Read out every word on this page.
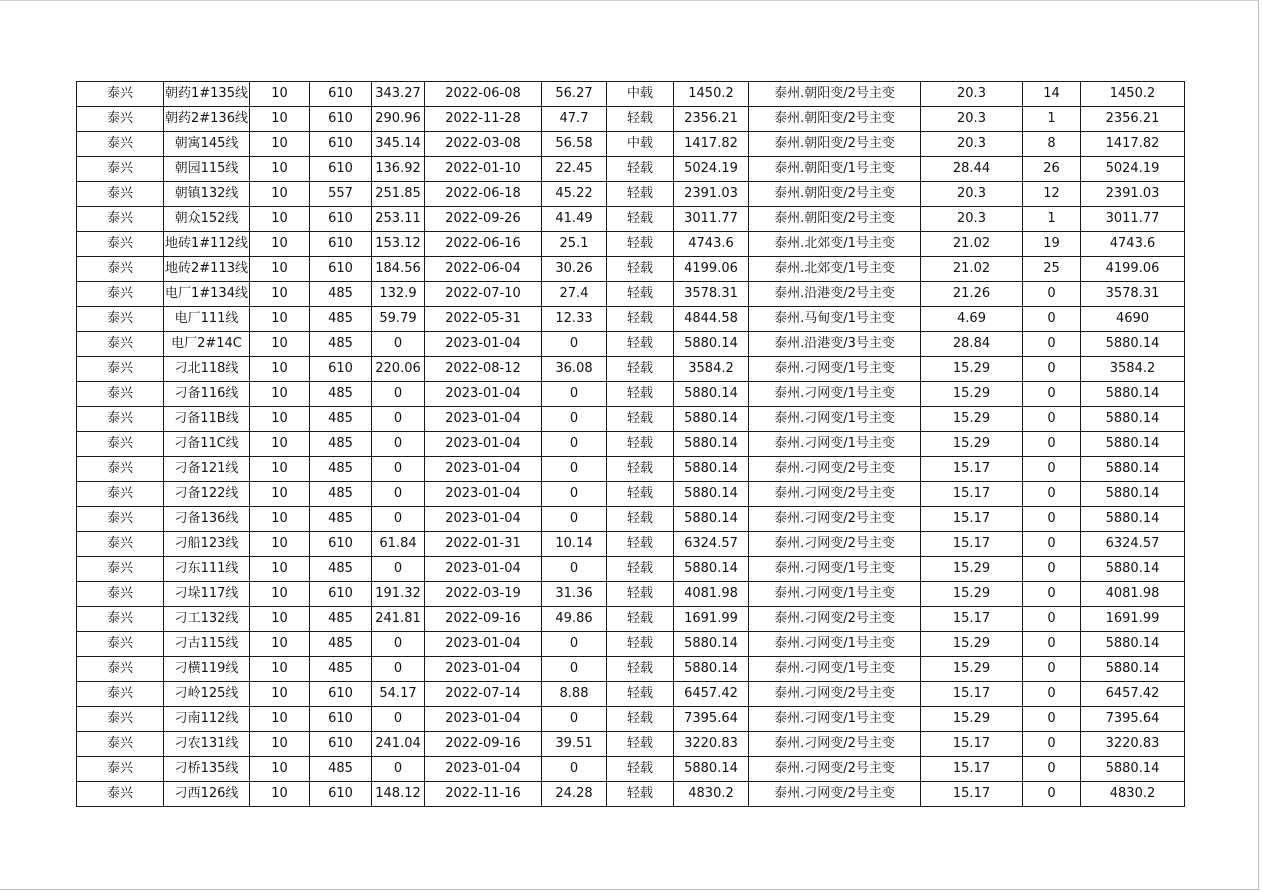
泰兴	朝药1#135线	10	610	343.27	2022-06-08	56.27	中载	1450.2	泰州.朝阳变/2号主变	20.3	14	1450.2
泰兴	朝药2#136线	10	610	290.96	2022-11-28	47.7	轻载	2356.21	泰州.朝阳变/2号主变	20.3	1	2356.21
泰兴	朝寓145线	10	610	345.14	2022-03-08	56.58	中载	1417.82	泰州.朝阳变/2号主变	20.3	8	1417.82
泰兴	朝园115线	10	610	136.92	2022-01-10	22.45	轻载	5024.19	泰州.朝阳变/1号主变	28.44	26	5024.19
泰兴	朝镇132线	10	557	251.85	2022-06-18	45.22	轻载	2391.03	泰州.朝阳变/2号主变	20.3	12	2391.03
泰兴	朝众152线	10	610	253.11	2022-09-26	41.49	轻载	3011.77	泰州.朝阳变/2号主变	20.3	1	3011.77
泰兴	地砖1#112线	10	610	153.12	2022-06-16	25.1	轻载	4743.6	泰州.北郊变/1号主变	21.02	19	4743.6
泰兴	地砖2#113线	10	610	184.56	2022-06-04	30.26	轻载	4199.06	泰州.北郊变/1号主变	21.02	25	4199.06
泰兴	电厂1#134线	10	485	132.9	2022-07-10	27.4	轻载	3578.31	泰州.沿港变/2号主变	21.26	0	3578.31
泰兴	电厂111线	10	485	59.79	2022-05-31	12.33	轻载	4844.58	泰州.马甸变/1号主变	4.69	0	4690
泰兴	电厂2#14C	10	485	0	2023-01-04	0	轻载	5880.14	泰州.沿港变/3号主变	28.84	0	5880.14
泰兴	刁北118线	10	610	220.06	2022-08-12	36.08	轻载	3584.2	泰州.刁网变/1号主变	15.29	0	3584.2
泰兴	刁备116线	10	485	0	2023-01-04	0	轻载	5880.14	泰州.刁网变/1号主变	15.29	0	5880.14
泰兴	刁备11B线	10	485	0	2023-01-04	0	轻载	5880.14	泰州.刁网变/1号主变	15.29	0	5880.14
泰兴	刁备11C线	10	485	0	2023-01-04	0	轻载	5880.14	泰州.刁网变/1号主变	15.29	0	5880.14
泰兴	刁备121线	10	485	0	2023-01-04	0	轻载	5880.14	泰州.刁网变/2号主变	15.17	0	5880.14
泰兴	刁备122线	10	485	0	2023-01-04	0	轻载	5880.14	泰州.刁网变/2号主变	15.17	0	5880.14
泰兴	刁备136线	10	485	0	2023-01-04	0	轻载	5880.14	泰州.刁网变/2号主变	15.17	0	5880.14
泰兴	刁船123线	10	610	61.84	2022-01-31	10.14	轻载	6324.57	泰州.刁网变/2号主变	15.17	0	6324.57
泰兴	刁东111线	10	485	0	2023-01-04	0	轻载	5880.14	泰州.刁网变/1号主变	15.29	0	5880.14
泰兴	刁垛117线	10	610	191.32	2022-03-19	31.36	轻载	4081.98	泰州.刁网变/1号主变	15.29	0	4081.98
泰兴	刁工132线	10	485	241.81	2022-09-16	49.86	轻载	1691.99	泰州.刁网变/2号主变	15.17	0	1691.99
泰兴	刁古115线	10	485	0	2023-01-04	0	轻载	5880.14	泰州.刁网变/1号主变	15.29	0	5880.14
泰兴	刁横119线	10	485	0	2023-01-04	0	轻载	5880.14	泰州.刁网变/1号主变	15.29	0	5880.14
泰兴	刁岭125线	10	610	54.17	2022-07-14	8.88	轻载	6457.42	泰州.刁网变/2号主变	15.17	0	6457.42
泰兴	刁南112线	10	610	0	2023-01-04	0	轻载	7395.64	泰州.刁网变/1号主变	15.29	0	7395.64
泰兴	刁农131线	10	610	241.04	2022-09-16	39.51	轻载	3220.83	泰州.刁网变/2号主变	15.17	0	3220.83
泰兴	刁桥135线	10	485	0	2023-01-04	0	轻载	5880.14	泰州.刁网变/2号主变	15.17	0	5880.14
泰兴	刁西126线	10	610	148.12	2022-11-16	24.28	轻载	4830.2	泰州.刁网变/2号主变	15.17	0	4830.2
